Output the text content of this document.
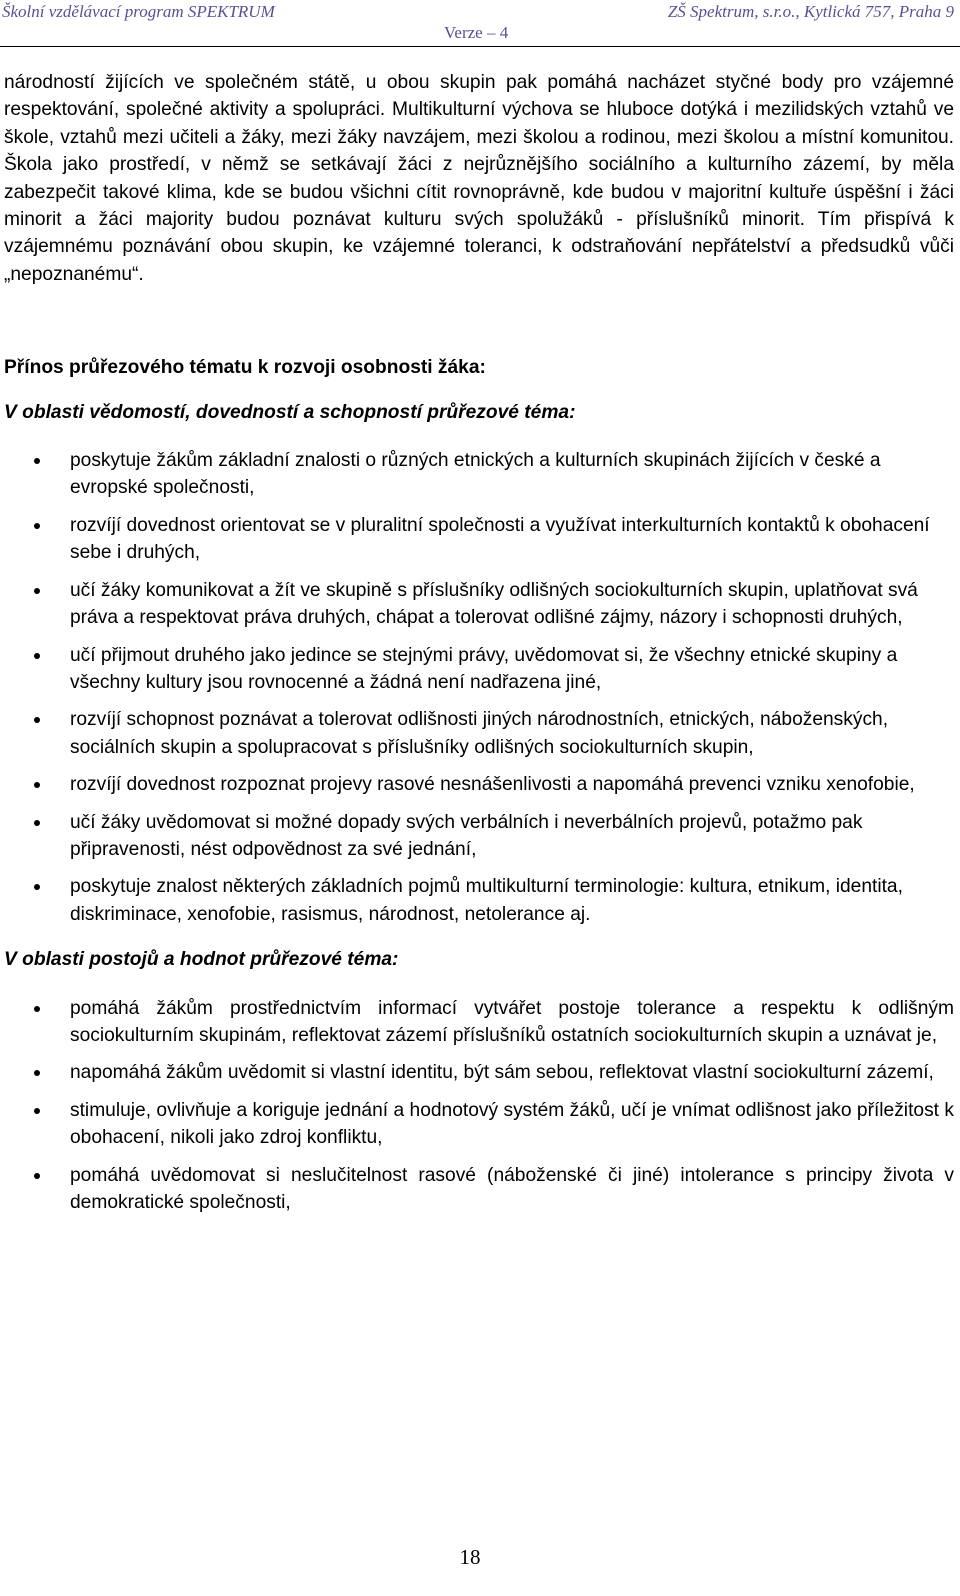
Školní vzdělávací program SPEKTRUM	ZŠ Spektrum, s.r.o., Kytlická 757, Praha 9
Verze – 4

národností žijících ve společném státě, u obou skupin pak pomáhá nacházet styčné body pro vzájemné respektování, společné aktivity a spolupráci. Multikulturní výchova se hluboce dotýká i mezilidských vztahů ve škole, vztahů mezi učiteli a žáky, mezi žáky navzájem, mezi školou a rodinou, mezi školou a místní komunitou. Škola jako prostředí, v němž se setkávají žáci z nejrůznějšího sociálního a kulturního zázemí, by měla zabezpečit takové klima, kde se budou všichni cítit rovnoprávně, kde budou v majoritní kultuře úspěšní i žáci minorit a žáci majority budou poznávat kulturu svých spolužáků - příslušníků minorit. Tím přispívá k vzájemnému poznávání obou skupin, ke vzájemné toleranci, k odstraňování nepřátelství a předsudků vůči „nepoznanému“.

Přínos průřezového tématu k rozvoji osobnosti žáka:

V oblasti vědomostí, dovedností a schopností průřezové téma:

poskytuje žákům základní znalosti o různých etnických a kulturních skupinách žijících v české a evropské společnosti,
rozvíjí dovednost orientovat se v pluralitní společnosti a využívat interkulturních kontaktů k obohacení sebe i druhých,
učí žáky komunikovat a žít ve skupině s příslušníky odlišných sociokulturních skupin, uplatňovat svá práva a respektovat práva druhých, chápat a tolerovat odlišné zájmy, názory i schopnosti druhých,
učí přijmout druhého jako jedince se stejnými právy, uvědomovat si, že všechny etnické skupiny a všechny kultury jsou rovnocenné a žádná není nadřazena jiné,
rozvíjí schopnost poznávat a tolerovat odlišnosti jiných národnostních, etnických, náboženských, sociálních skupin a spolupracovat s příslušníky odlišných sociokulturních skupin,
rozvíjí dovednost rozpoznat projevy rasové nesnášenlivosti a napomáhá prevenci vzniku xenofobie,
učí žáky uvědomovat si možné dopady svých verbálních i neverbálních projevů, potažmo pak připravenosti, nést odpovědnost za své jednání,
poskytuje znalost některých základních pojmů multikulturní terminologie: kultura, etnikum, identita, diskriminace, xenofobie, rasismus, národnost, netolerance aj.

V oblasti postojů a hodnot průřezové téma:

pomáhá žákům prostřednictvím informací vytvářet postoje tolerance a respektu k odlišným sociokulturním skupinám, reflektovat zázemí příslušníků ostatních sociokulturních skupin a uznávat je,
napomáhá žákům uvědomit si vlastní identitu, být sám sebou, reflektovat vlastní sociokulturní zázemí,
stimuluje, ovlivňuje a koriguje jednání a hodnotový systém žáků, učí je vnímat odlišnost jako příležitost k obohacení, nikoli jako zdroj konfliktu,
pomáhá uvědomovat si neslučitelnost rasové (náboženské či jiné) intolerance s principy života v demokratické společnosti,
18
